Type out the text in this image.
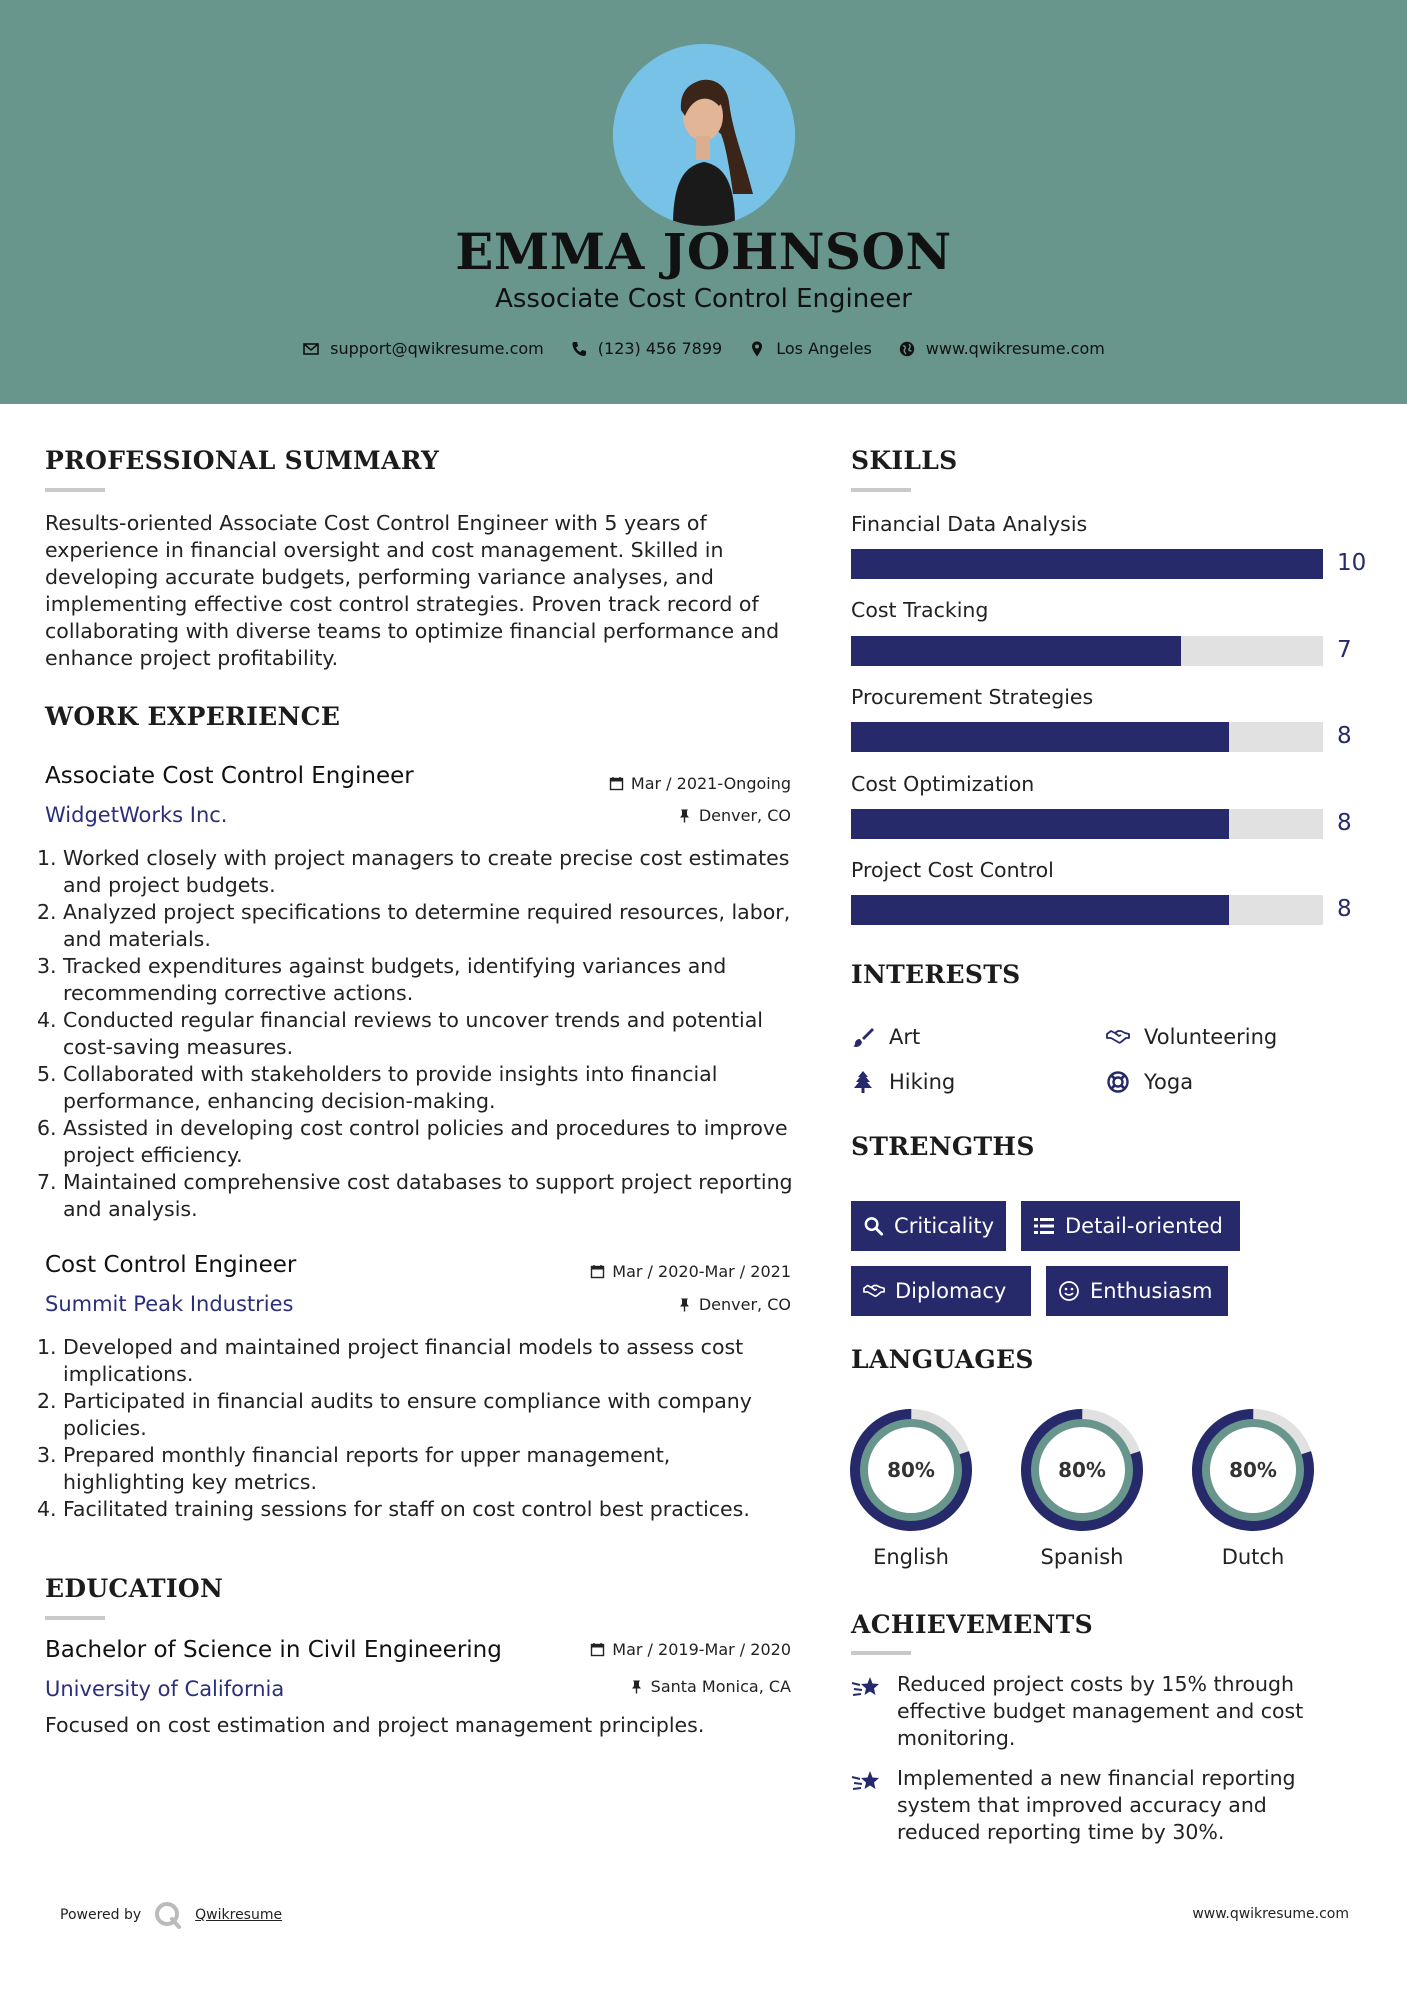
EMMA JOHNSON
Associate Cost Control Engineer
support@qwikresume.com	(123) 456 7899	Los Angeles	www.qwikresume.com
PROFESSIONAL SUMMARY
Results-oriented Associate Cost Control Engineer with 5 years of experience in financial oversight and cost management. Skilled in developing accurate budgets, performing variance analyses, and implementing effective cost control strategies. Proven track record of collaborating with diverse teams to optimize financial performance and enhance project profitability.
WORK EXPERIENCE
Associate Cost Control Engineer
WidgetWorks Inc.
Mar / 2021-Ongoing
Denver, CO
1. Worked closely with project managers to create precise cost estimates and project budgets.
2. Analyzed project specifications to determine required resources, labor, and materials.
3. Tracked expenditures against budgets, identifying variances and recommending corrective actions.
4. Conducted regular financial reviews to uncover trends and potential cost-saving measures.
5. Collaborated with stakeholders to provide insights into financial performance, enhancing decision-making.
6. Assisted in developing cost control policies and procedures to improve project efficiency.
7. Maintained comprehensive cost databases to support project reporting and analysis.
Cost Control Engineer
Summit Peak Industries
Mar / 2020-Mar / 2021
Denver, CO
1. Developed and maintained project financial models to assess cost implications.
2. Participated in financial audits to ensure compliance with company policies.
3. Prepared monthly financial reports for upper management, highlighting key metrics.
4. Facilitated training sessions for staff on cost control best practices.
EDUCATION
Bachelor of Science in Civil Engineering
University of California
Mar / 2019-Mar / 2020
Santa Monica, CA
Focused on cost estimation and project management principles.
SKILLS
Financial Data Analysis
10
Cost Tracking
7
Procurement Strategies
8
Cost Optimization
8
Project Cost Control
8
INTERESTS
Art	Volunteering
Hiking	Yoga
STRENGTHS
Criticality	Detail-oriented
Diplomacy	Enthusiasm
LANGUAGES
80%
English
80%
Spanish
80%
Dutch
ACHIEVEMENTS
Reduced project costs by 15% through effective budget management and cost monitoring.
Implemented a new financial reporting system that improved accuracy and reduced reporting time by 30%.
Powered by	Qwikresume	www.qwikresume.com
